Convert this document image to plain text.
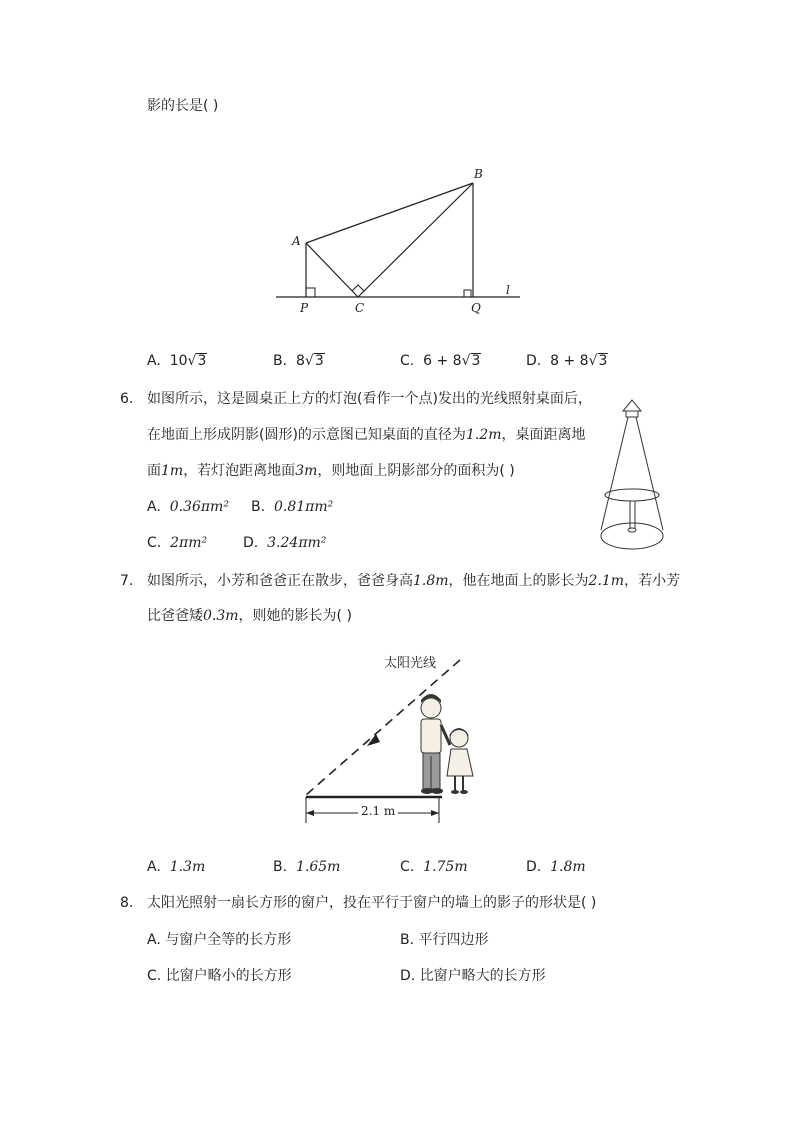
影的长是( )
A
B
P	C	Q
l
A. 10√3	B. 8√3	C. 6 + 8√3	D. 8 + 8√3
6. 如图所示，这是圆桌正上方的灯泡(看作一个点)发出的光线照射桌面后，
在地面上形成阴影(圆形)的示意图已知桌面的直径为1.2m，桌面距离地
面1m，若灯泡距离地面3m，则地面上阴影部分的面积为( )
A. 0.36πm² B. 0.81πm²
C. 2πm²	D. 3.24πm²
7. 如图所示，小芳和爸爸正在散步，爸爸身高1.8m，他在地面上的影长为2.1m，若小芳
比爸爸矮0.3m，则她的影长为( )
太阳光线
2.1 m
A. 1.3m	B. 1.65m	C. 1.75m	D. 1.8m
8. 太阳光照射一扇长方形的窗户，投在平行于窗户的墙上的影子的形状是( )
A. 与窗户全等的长方形	B. 平行四边形
C. 比窗户略小的长方形	D. 比窗户略大的长方形
